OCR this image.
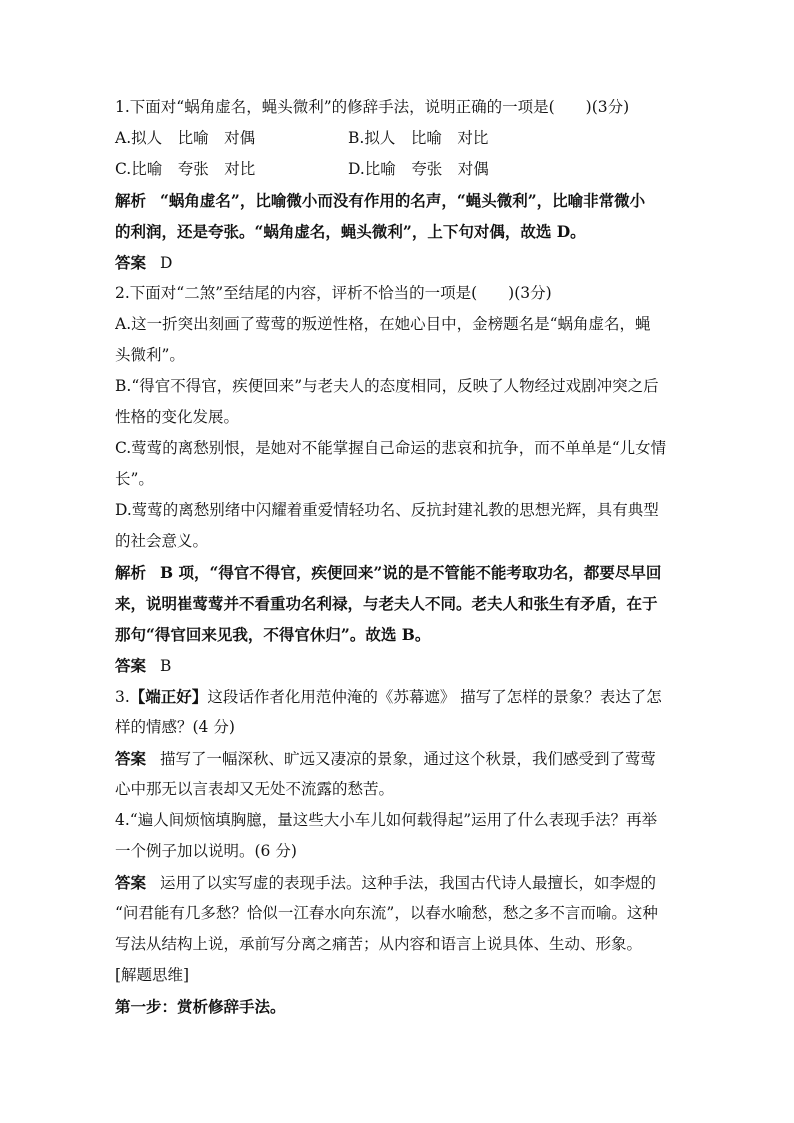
1.下面对“蜗角虚名，蝇头微利”的修辞手法，说明正确的一项是(　　)(3分)
A.拟人　比喻　对偶	B.拟人　比喻　对比
C.比喻　夸张　对比	D.比喻　夸张　对偶
解析 “蜗角虚名”，比喻微小而没有作用的名声，“蝇头微利”，比喻非常微小
的利润，还是夸张。“蜗角虚名，蝇头微利”，上下句对偶，故选 D。
答案 D
2.下面对“二煞”至结尾的内容，评析不恰当的一项是(　　)(3分)
A.这一折突出刻画了莺莺的叛逆性格，在她心目中，金榜题名是“蜗角虚名，蝇
头微利”。
B.“得官不得官，疾便回来”与老夫人的态度相同，反映了人物经过戏剧冲突之后
性格的变化发展。
C.莺莺的离愁别恨，是她对不能掌握自己命运的悲哀和抗争，而不单单是“儿女情
长”。
D.莺莺的离愁别绪中闪耀着重爱情轻功名、反抗封建礼教的思想光辉，具有典型
的社会意义。
解析 B 项，“得官不得官，疾便回来”说的是不管能不能考取功名，都要尽早回
来，说明崔莺莺并不看重功名利禄，与老夫人不同。老夫人和张生有矛盾，在于
那句“得官回来见我，不得官休归”。故选 B。
答案 B
3.【端正好】这段话作者化用范仲淹的《苏幕遮》 描写了怎样的景象？表达了怎
样的情感？(4 分)
答案 描写了一幅深秋、旷远又凄凉的景象，通过这个秋景，我们感受到了莺莺
心中那无以言表却又无处不流露的愁苦。
4.“遍人间烦恼填胸臆，量这些大小车儿如何载得起”运用了什么表现手法？再举
一个例子加以说明。(6 分)
答案 运用了以实写虚的表现手法。这种手法，我国古代诗人最擅长，如李煜的
“问君能有几多愁？恰似一江春水向东流”，以春水喻愁，愁之多不言而喻。这种
写法从结构上说，承前写分离之痛苦；从内容和语言上说具体、生动、形象。
[解题思维]
第一步：赏析修辞手法。
